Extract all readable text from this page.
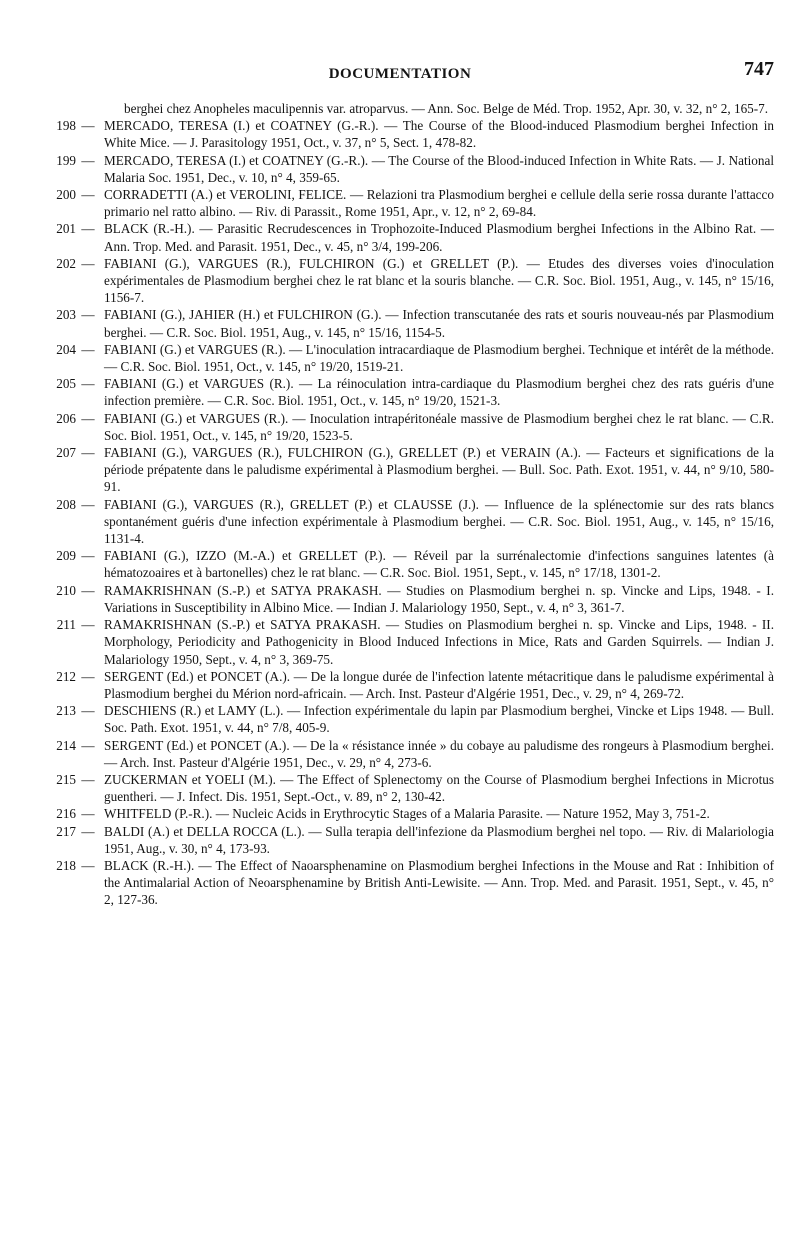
DOCUMENTATION	747
berghei chez Anopheles maculipennis var. atroparvus. — Ann. Soc. Belge de Méd. Trop. 1952, Apr. 30, v. 32, n° 2, 165-7.
198 — MERCADO, TERESA (I.) et COATNEY (G.-R.). — The Course of the Blood-induced Plasmodium berghei Infection in White Mice. — J. Parasitology 1951, Oct., v. 37, n° 5, Sect. 1, 478-82.
199 — MERCADO, TERESA (I.) et COATNEY (G.-R.). — The Course of the Blood-induced Infection in White Rats. — J. National Malaria Soc. 1951, Dec., v. 10, n° 4, 359-65.
200 — CORRADETTI (A.) et VEROLINI, FELICE. — Relazioni tra Plasmodium berghei e cellule della serie rossa durante l'attacco primario nel ratto albino. — Riv. di Parassit., Rome 1951, Apr., v. 12, n° 2, 69-84.
201 — BLACK (R.-H.). — Parasitic Recrudescences in Trophozoite-Induced Plasmodium berghei Infections in the Albino Rat. — Ann. Trop. Med. and Parasit. 1951, Dec., v. 45, n° 3/4, 199-206.
202 — FABIANI (G.), VARGUES (R.), FULCHIRON (G.) et GRELLET (P.). — Etudes des diverses voies d'inoculation expérimentales de Plasmodium berghei chez le rat blanc et la souris blanche. — C.R. Soc. Biol. 1951, Aug., v. 145, n° 15/16, 1156-7.
203 — FABIANI (G.), JAHIER (H.) et FULCHIRON (G.). — Infection transcutanée des rats et souris nouveau-nés par Plasmodium berghei. — C.R. Soc. Biol. 1951, Aug., v. 145, n° 15/16, 1154-5.
204 — FABIANI (G.) et VARGUES (R.). — L'inoculation intracardiaque de Plasmodium berghei. Technique et intérêt de la méthode. — C.R. Soc. Biol. 1951, Oct., v. 145, n° 19/20, 1519-21.
205 — FABIANI (G.) et VARGUES (R.). — La réinoculation intra-cardiaque du Plasmodium berghei chez des rats guéris d'une infection première. — C.R. Soc. Biol. 1951, Oct., v. 145, n° 19/20, 1521-3.
206 — FABIANI (G.) et VARGUES (R.). — Inoculation intrapéritonéale massive de Plasmodium berghei chez le rat blanc. — C.R. Soc. Biol. 1951, Oct., v. 145, n° 19/20, 1523-5.
207 — FABIANI (G.), VARGUES (R.), FULCHIRON (G.), GRELLET (P.) et VERAIN (A.). — Facteurs et significations de la période prépatente dans le paludisme expérimental à Plasmodium berghei. — Bull. Soc. Path. Exot. 1951, v. 44, n° 9/10, 580-91.
208 — FABIANI (G.), VARGUES (R.), GRELLET (P.) et CLAUSSE (J.). — Influence de la splénectomie sur des rats blancs spontanément guéris d'une infection expérimentale à Plasmodium berghei. — C.R. Soc. Biol. 1951, Aug., v. 145, n° 15/16, 1131-4.
209 — FABIANI (G.), IZZO (M.-A.) et GRELLET (P.). — Réveil par la surrénalectomie d'infections sanguines latentes (à hématozoaires et à bartonelles) chez le rat blanc. — C.R. Soc. Biol. 1951, Sept., v. 145, n° 17/18, 1301-2.
210 — RAMAKRISHNAN (S.-P.) et SATYA PRAKASH. — Studies on Plasmodium berghei n. sp. Vincke and Lips, 1948. - I. Variations in Susceptibility in Albino Mice. — Indian J. Malariology 1950, Sept., v. 4, n° 3, 361-7.
211 — RAMAKRISHNAN (S.-P.) et SATYA PRAKASH. — Studies on Plasmodium berghei n. sp. Vincke and Lips, 1948. - II. Morphology, Periodicity and Pathogenicity in Blood Induced Infections in Mice, Rats and Garden Squirrels. — Indian J. Malariology 1950, Sept., v. 4, n° 3, 369-75.
212 — SERGENT (Ed.) et PONCET (A.). — De la longue durée de l'infection latente métacritique dans le paludisme expérimental à Plasmodium berghei du Mérion nord-africain. — Arch. Inst. Pasteur d'Algérie 1951, Dec., v. 29, n° 4, 269-72.
213 — DESCHIENS (R.) et LAMY (L.). — Infection expérimentale du lapin par Plasmodium berghei, Vincke et Lips 1948. — Bull. Soc. Path. Exot. 1951, v. 44, n° 7/8, 405-9.
214 — SERGENT (Ed.) et PONCET (A.). — De la « résistance innée » du cobaye au paludisme des rongeurs à Plasmodium berghei. — Arch. Inst. Pasteur d'Algérie 1951, Dec., v. 29, n° 4, 273-6.
215 — ZUCKERMAN et YOELI (M.). — The Effect of Splenectomy on the Course of Plasmodium berghei Infections in Microtus guentheri. — J. Infect. Dis. 1951, Sept.-Oct., v. 89, n° 2, 130-42.
216 — WHITFELD (P.-R.). — Nucleic Acids in Erythrocytic Stages of a Malaria Parasite. — Nature 1952, May 3, 751-2.
217 — BALDI (A.) et DELLA ROCCA (L.). — Sulla terapia dell'infezione da Plasmodium berghei nel topo. — Riv. di Malariologia 1951, Aug., v. 30, n° 4, 173-93.
218 — BLACK (R.-H.). — The Effect of Naoarsphenamine on Plasmodium berghei Infections in the Mouse and Rat : Inhibition of the Antimalarial Action of Neoarsphenamine by British Anti-Lewisite. — Ann. Trop. Med. and Parasit. 1951, Sept., v. 45, n° 2, 127-36.
